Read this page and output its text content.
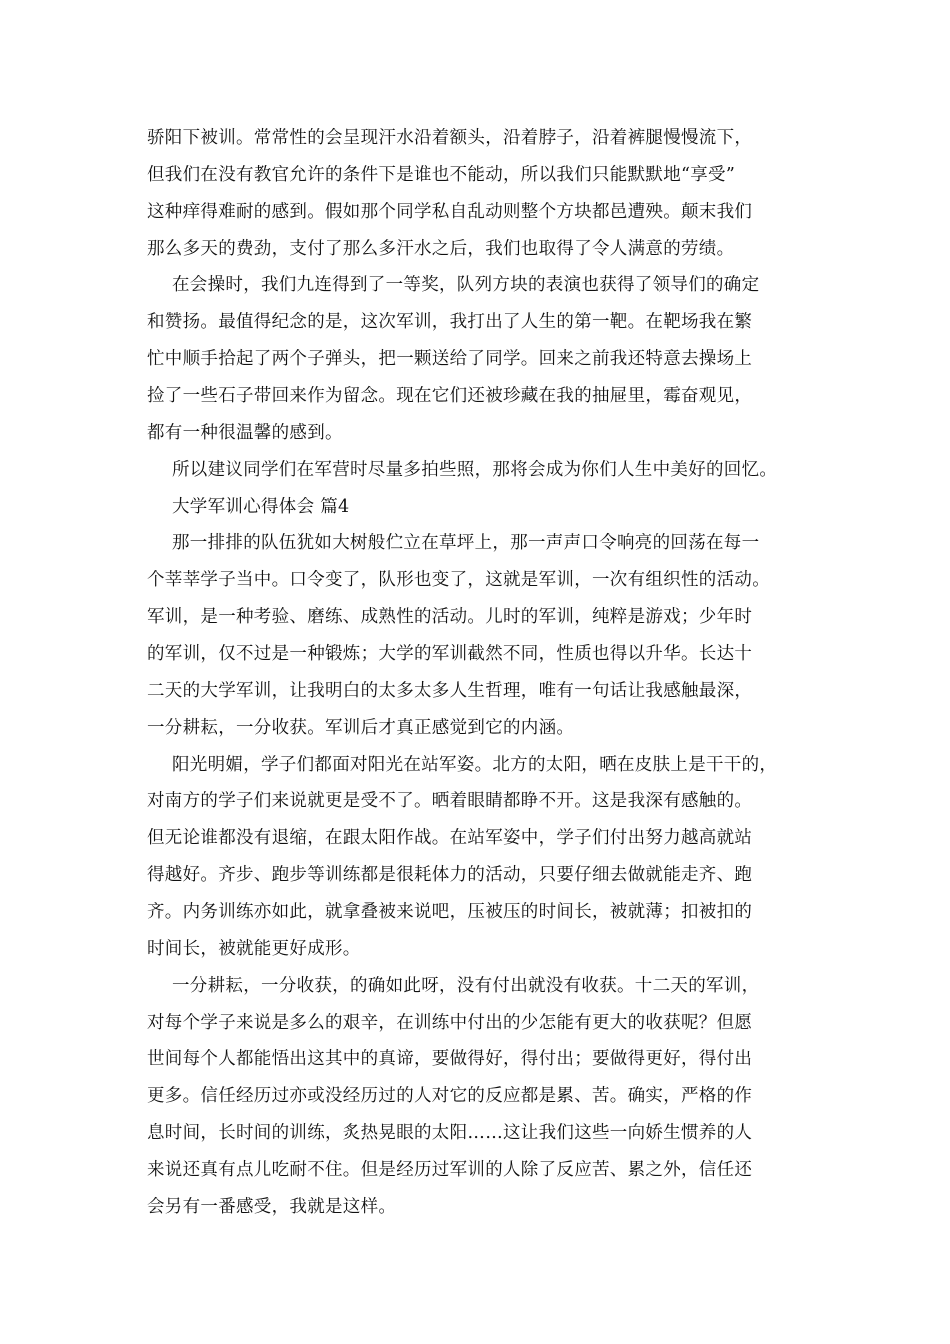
骄阳下被训。常常性的会呈现汗水沿着额头，沿着脖子，沿着裤腿慢慢流下，
但我们在没有教官允许的条件下是谁也不能动，所以我们只能默默地“享受”
这种痒得难耐的感到。假如那个同学私自乱动则整个方块都邑遭殃。颠末我们
那么多天的费劲，支付了那么多汗水之后，我们也取得了令人满意的劳绩。
在会操时，我们九连得到了一等奖，队列方块的表演也获得了领导们的确定
和赞扬。最值得纪念的是，这次军训，我打出了人生的第一靶。在靶场我在繁
忙中顺手拾起了两个子弹头，把一颗送给了同学。回来之前我还特意去操场上
捡了一些石子带回来作为留念。现在它们还被珍藏在我的抽屉里，霉奋观见，
都有一种很温馨的感到。
所以建议同学们在军营时尽量多拍些照，那将会成为你们人生中美好的回忆。
大学军训心得体会 篇4
那一排排的队伍犹如大树般伫立在草坪上，那一声声口令响亮的回荡在每一
个莘莘学子当中。口令变了，队形也变了，这就是军训，一次有组织性的活动。
军训，是一种考验、磨练、成熟性的活动。儿时的军训，纯粹是游戏；少年时
的军训，仅不过是一种锻炼；大学的军训截然不同，性质也得以升华。长达十
二天的大学军训，让我明白的太多太多人生哲理，唯有一句话让我感触最深，
一分耕耘，一分收获。军训后才真正感觉到它的内涵。
阳光明媚，学子们都面对阳光在站军姿。北方的太阳，晒在皮肤上是干干的，
对南方的学子们来说就更是受不了。晒着眼睛都睁不开。这是我深有感触的。
但无论谁都没有退缩，在跟太阳作战。在站军姿中，学子们付出努力越高就站
得越好。齐步、跑步等训练都是很耗体力的活动，只要仔细去做就能走齐、跑
齐。内务训练亦如此，就拿叠被来说吧，压被压的时间长，被就薄；扣被扣的
时间长，被就能更好成形。
一分耕耘，一分收获，的确如此呀，没有付出就没有收获。十二天的军训，
对每个学子来说是多么的艰辛，在训练中付出的少怎能有更大的收获呢？但愿
世间每个人都能悟出这其中的真谛，要做得好，得付出；要做得更好，得付出
更多。信任经历过亦或没经历过的人对它的反应都是累、苦。确实，严格的作
息时间，长时间的训练，炙热晃眼的太阳……这让我们这些一向娇生惯养的人
来说还真有点儿吃耐不住。但是经历过军训的人除了反应苦、累之外，信任还
会另有一番感受，我就是这样。
